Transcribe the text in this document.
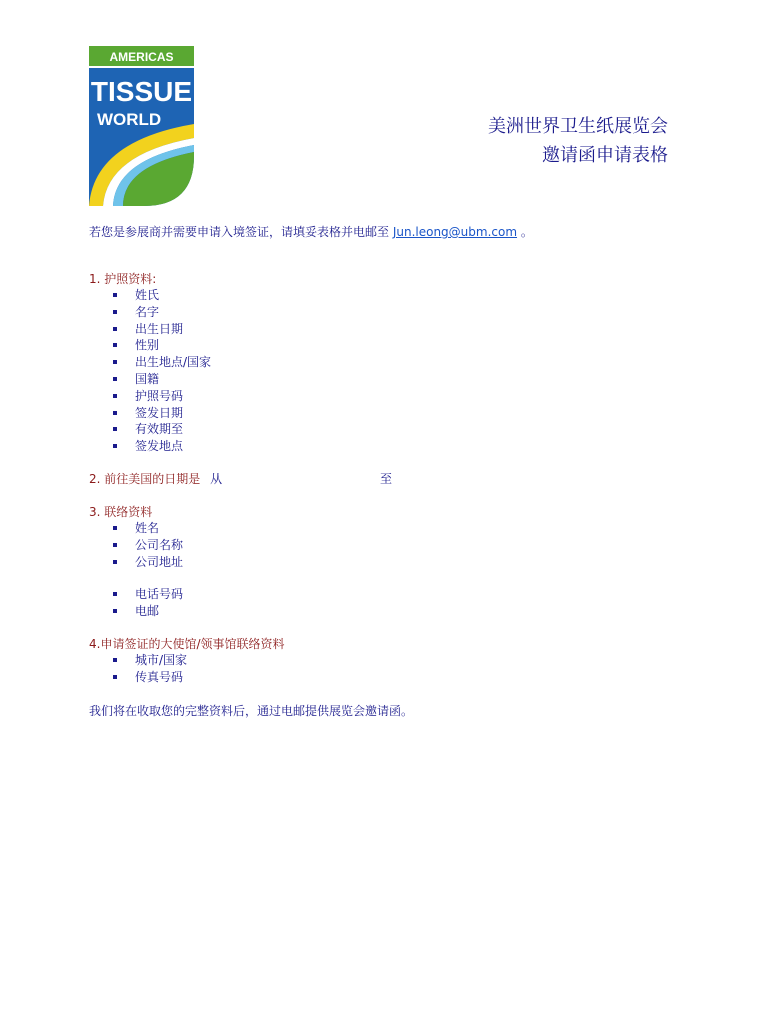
AMERICAS
TISSUE
WORLD	美洲世界卫生纸展览会
邀请函申请表格
若您是参展商并需要申请入境签证，请填妥表格并电邮至 Jun.leong@ubm.com 。
1. 护照资料:
姓氏
名字
出生日期
性别
出生地点/国家
国籍
护照号码
签发日期
有效期至
签发地点
2. 前往美国的日期是 从	至
3. 联络资料
姓名
公司名称
公司地址
电话号码
电邮
4.申请签证的大使馆/领事馆联络资料
城市/国家
传真号码
我们将在收取您的完整资料后，通过电邮提供展览会邀请函。
